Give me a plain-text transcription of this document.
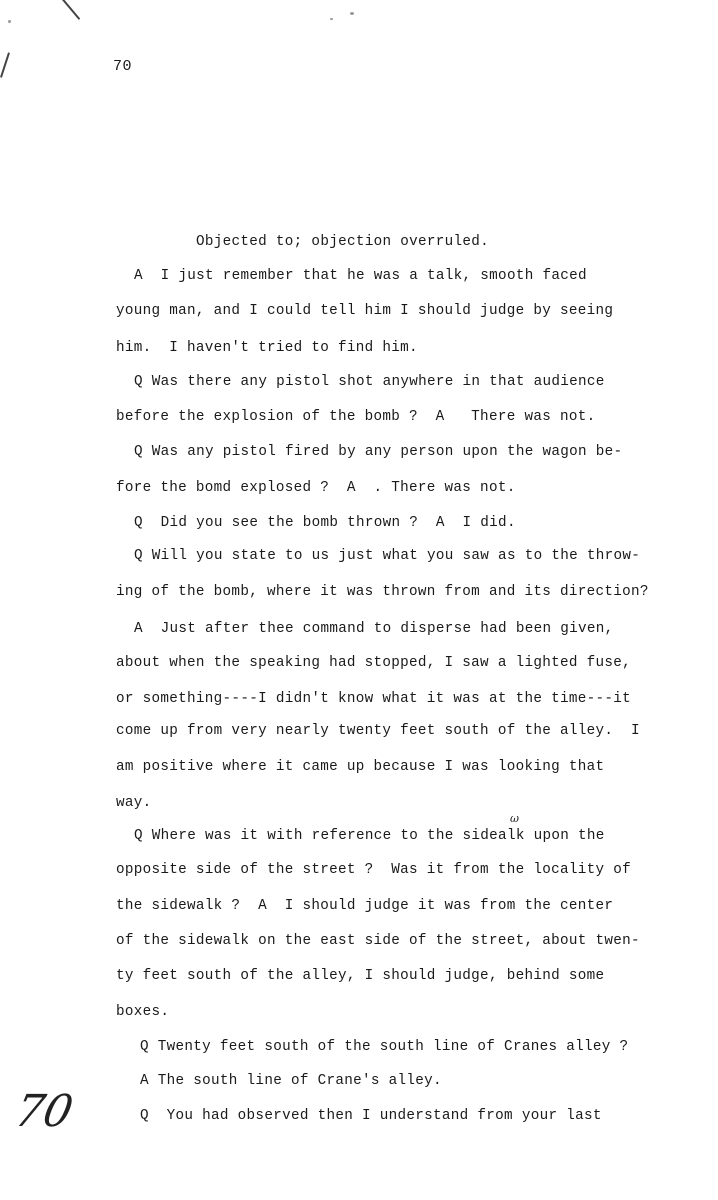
70
Objected to; objection overruled.
A  I just remember that he was a talk, smooth faced
young man, and I could tell him I should judge by seeing
him.  I haven't tried to find him.
Q Was there any pistol shot anywhere in that audience
before the explosion of the bomb ?  A   There was not.
Q Was any pistol fired by any person upon the wagon be-
fore the bomd explosed ?  A  . There was not.
Q  Did you see the bomb thrown ?  A  I did.
Q Will you state to us just what you saw as to the throw-
ing of the bomb, where it was thrown from and its direction?
A  Just after thee command to disperse had been given,
about when the speaking had stopped, I saw a lighted fuse,
or something----I didn't know what it was at the time---it
come up from very nearly twenty feet south of the alley.  I
am positive where it came up because I was looking that
way.
ω
Q Where was it with reference to the sidealk upon the
opposite side of the street ?  Was it from the locality of
the sidewalk ?  A  I should judge it was from the center
of the sidewalk on the east side of the street, about twen-
ty feet south of the alley, I should judge, behind some
boxes.
Q Twenty feet south of the south line of Cranes alley ?
A The south line of Crane's alley.
Q  You had observed then I understand from your last
70
